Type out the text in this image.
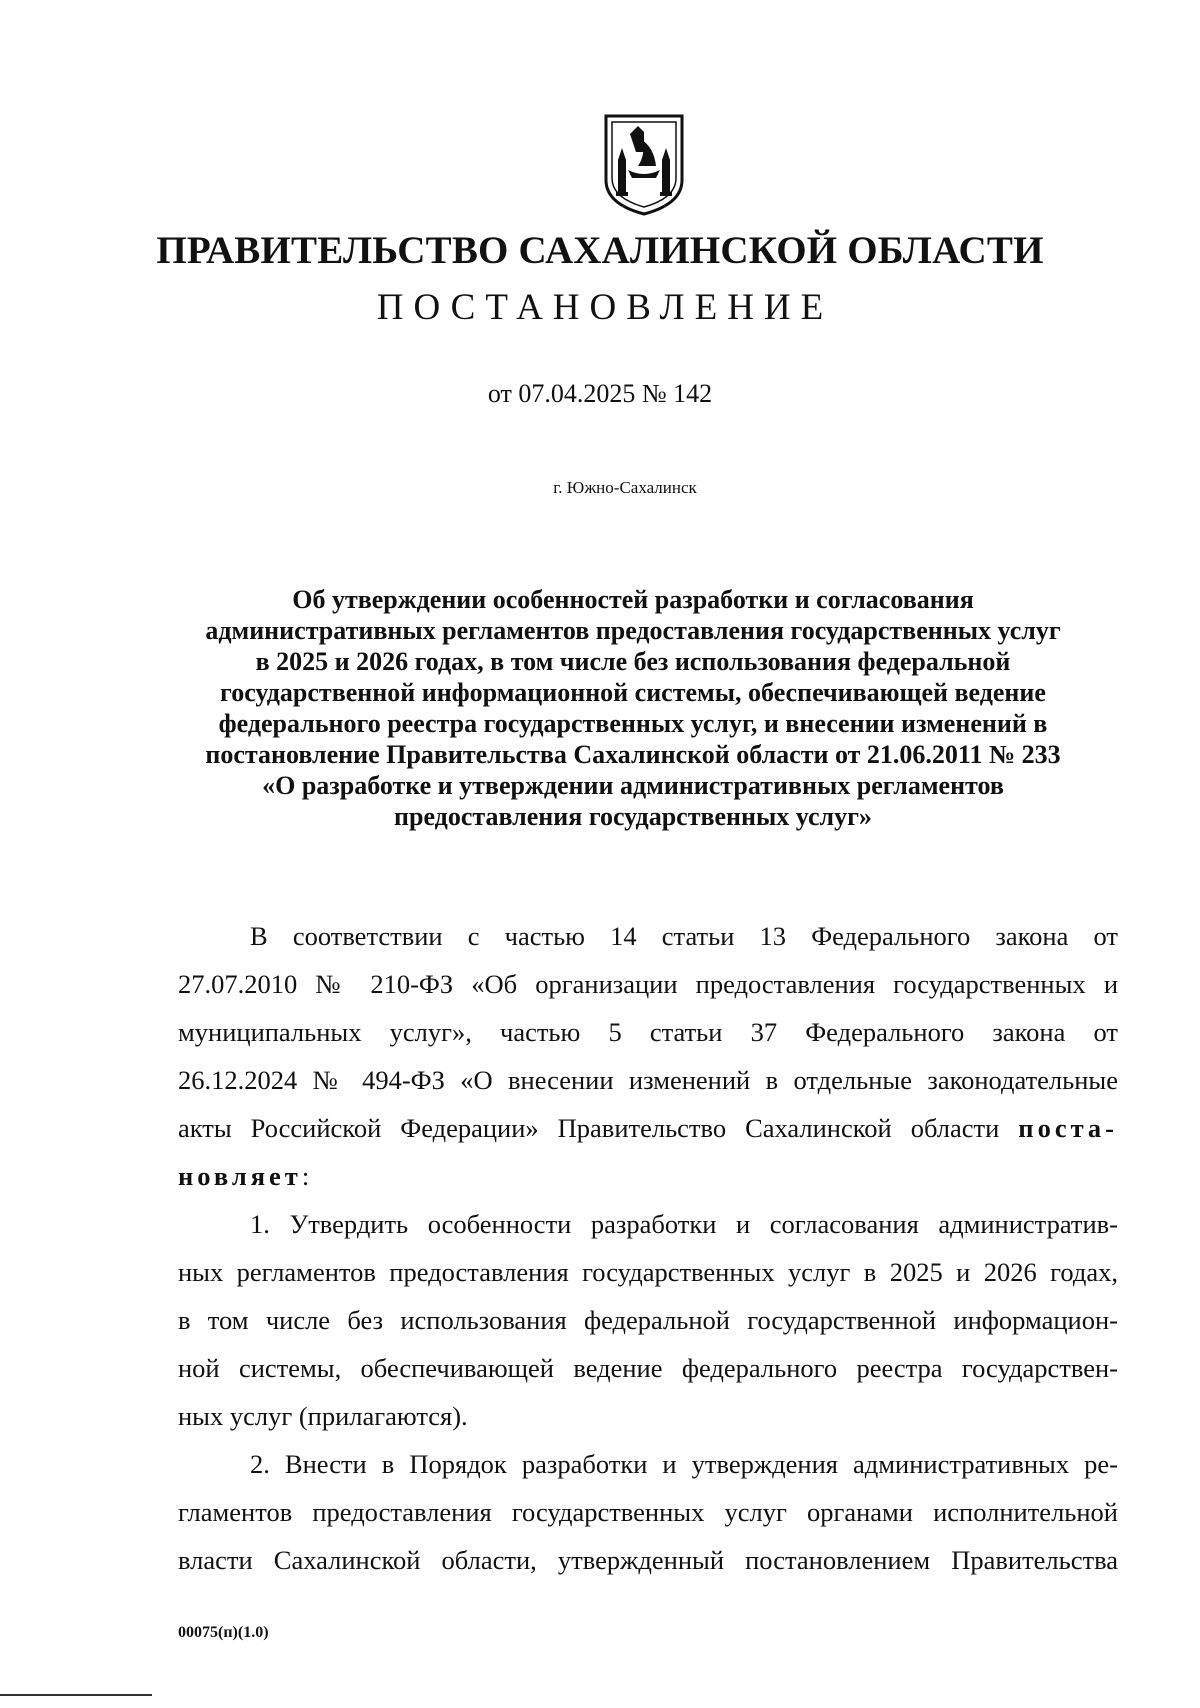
ПРАВИТЕЛЬСТВО САХАЛИНСКОЙ ОБЛАСТИ
ПОСТАНОВЛЕНИЕ
от 07.04.2025 № 142
г. Южно-Сахалинск
Об утверждении особенностей разработки и согласования
административных регламентов предоставления государственных услуг
в 2025 и 2026 годах, в том числе без использования федеральной
государственной информационной системы, обеспечивающей ведение
федерального реестра государственных услуг, и внесении изменений в
постановление Правительства Сахалинской области от 21.06.2011 № 233
«О разработке и утверждении административных регламентов
предоставления государственных услуг»
В соответствии с частью 14 статьи 13 Федерального закона от
27.07.2010 № 210-ФЗ «Об организации предоставления государственных и
муниципальных услуг», частью 5 статьи 37 Федерального закона от
26.12.2024 № 494-ФЗ «О внесении изменений в отдельные законодательные
акты Российской Федерации» Правительство Сахалинской области поста-
новляет:
1. Утвердить особенности разработки и согласования административ-
ных регламентов предоставления государственных услуг в 2025 и 2026 годах,
в том числе без использования федеральной государственной информацион-
ной системы, обеспечивающей ведение федерального реестра государствен-
ных услуг (прилагаются).
2. Внести в Порядок разработки и утверждения административных ре-
гламентов предоставления государственных услуг органами исполнительной
власти Сахалинской области, утвержденный постановлением Правительства
00075(п)(1.0)
